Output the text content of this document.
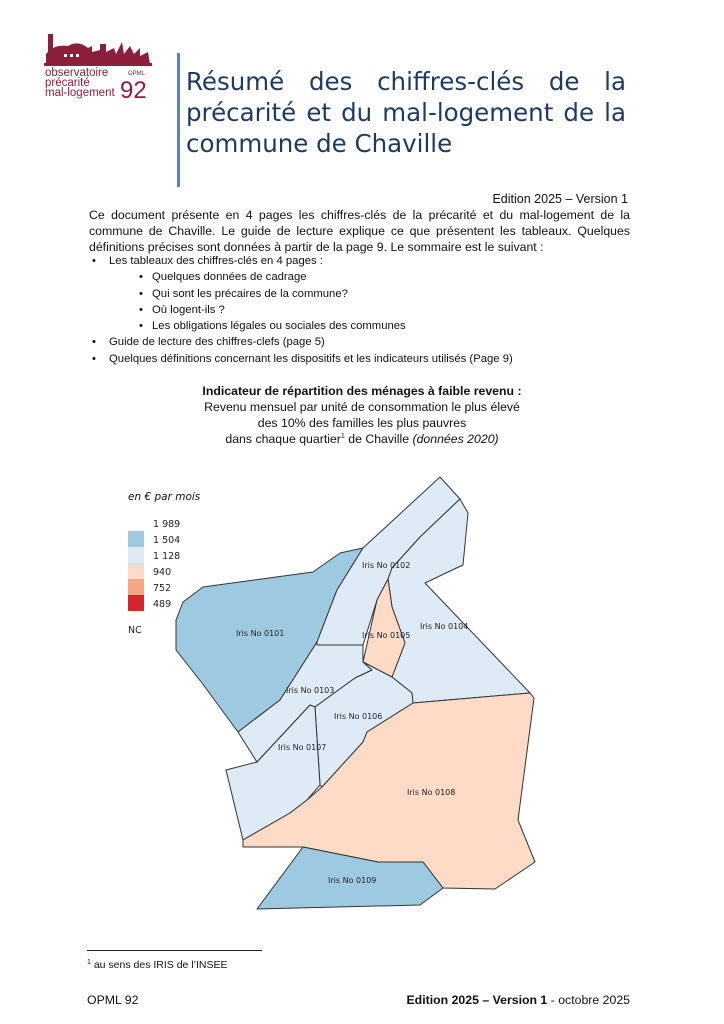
observatoire
précarité
mal-logement
OPML
92 Résumé des chiffres-clés de la précarité et du mal-logement de la commune de Chaville
Edition 2025 – Version 1
Ce document présente en 4 pages les chiffres-clés de la précarité et du mal-logement de la commune de Chaville. Le guide de lecture explique ce que présentent les tableaux. Quelques définitions précises sont données à partir de la page 9. Le sommaire est le suivant :
• Les tableaux des chiffres-clés en 4 pages :
• Quelques données de cadrage
• Qui sont les précaires de la commune?
• Où logent-ils ?
• Les obligations légales ou sociales des communes
• Guide de lecture des chiffres-clefs (page 5)
• Quelques définitions concernant les dispositifs et les indicateurs utilisés (Page 9)
Indicateur de répartition des ménages à faible revenu :
Revenu mensuel par unité de consommation le plus élevé
des 10% des familles les plus pauvres
dans chaque quartier$^1$ de Chaville (données 2020)
Iris No 0101
Iris No 0102
Iris No 0103
Iris No 0104
Iris No 0105
Iris No 0106
Iris No 0107
Iris No 0108
Iris No 0109
en € par mois
1 989
1 504
1 128
940
752
489
NC
$^1$ au sens des IRIS de l’INSEE
OPML 92	Edition 2025 – Version 1 - octobre 2025
